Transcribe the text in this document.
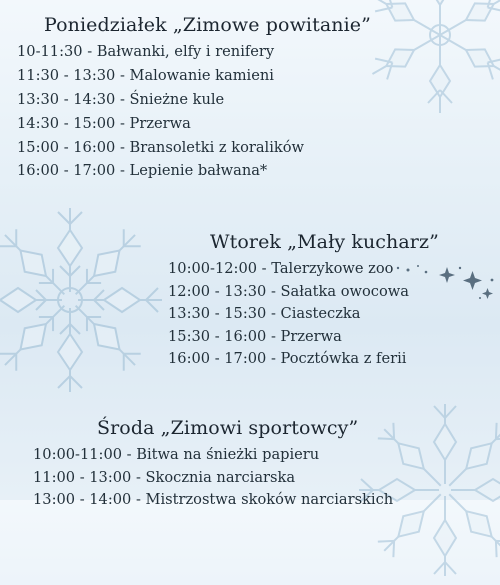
Poniedziałek „Zimowe powitanie”
10-11:30 - Bałwanki, elfy i renifery
11:30 - 13:30 - Malowanie kamieni
13:30 - 14:30 - Śnieżne kule
14:30 - 15:00 - Przerwa
15:00 - 16:00 - Bransoletki z koralików
16:00 - 17:00 - Lepienie bałwana*
Wtorek „Mały kucharz”
10:00-12:00 - Talerzykowe zoo
12:00 - 13:30 - Sałatka owocowa
13:30 - 15:30 - Ciasteczka
15:30 - 16:00 - Przerwa
16:00 - 17:00 - Pocztówka z ferii
Środa „Zimowi sportowcy”
10:00-11:00 - Bitwa na śnieżki papieru
11:00 - 13:00 - Skocznia narciarska
13:00 - 14:00 - Mistrzostwa skoków narciarskich
